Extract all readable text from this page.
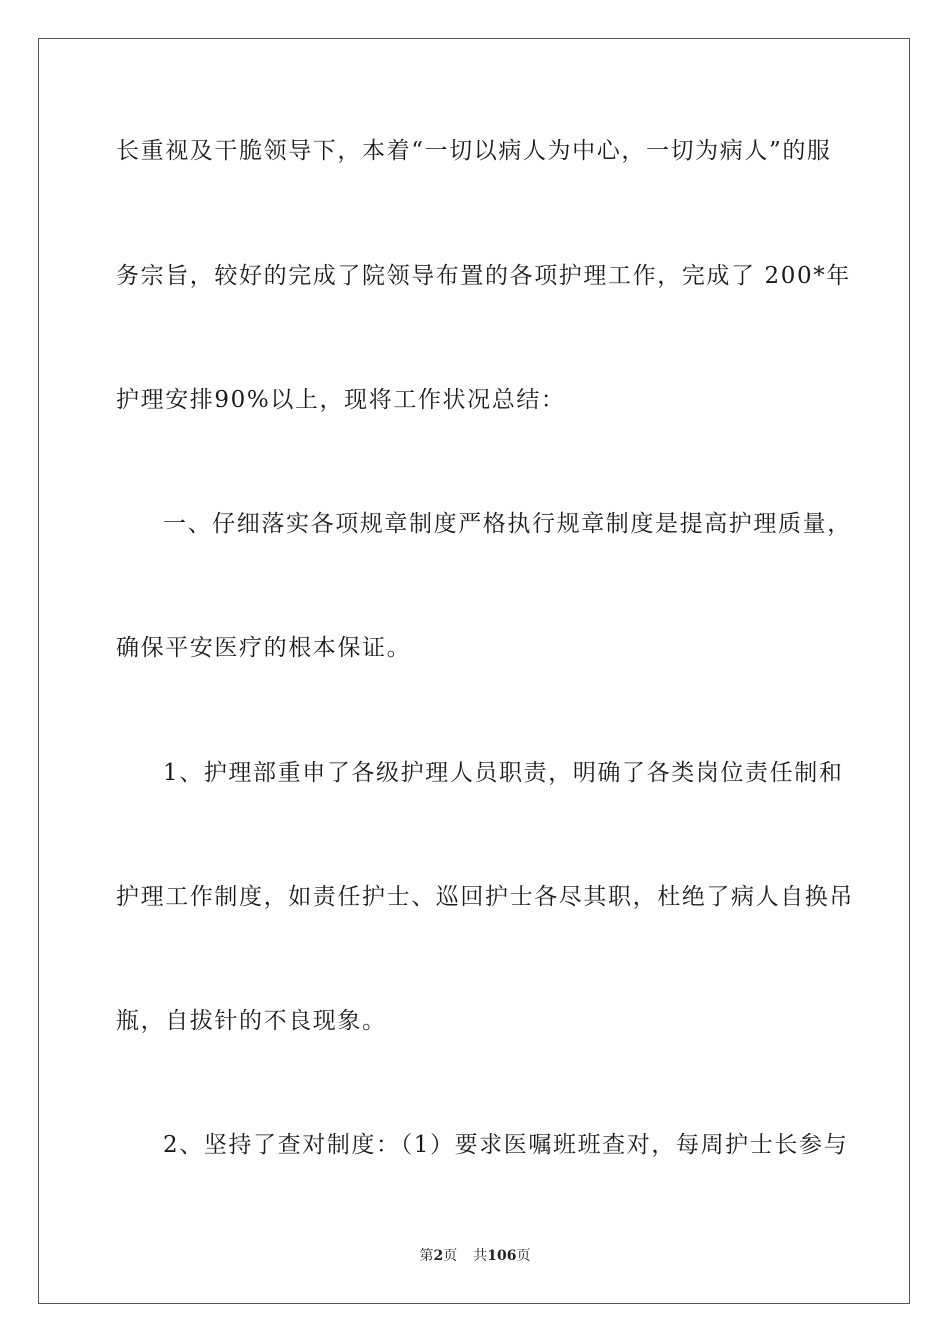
长重视及干脆领导下，本着“一切以病人为中心，一切为病人”的服
务宗旨，较好的完成了院领导布置的各项护理工作，完成了 200*年
护理安排90%以上，现将工作状况总结：
一、仔细落实各项规章制度严格执行规章制度是提高护理质量，
确保平安医疗的根本保证。
1、护理部重申了各级护理人员职责，明确了各类岗位责任制和
护理工作制度，如责任护士、巡回护士各尽其职，杜绝了病人自换吊
瓶，自拔针的不良现象。
2、坚持了查对制度：（1）要求医嘱班班查对，每周护士长参与
第2页 共106页
